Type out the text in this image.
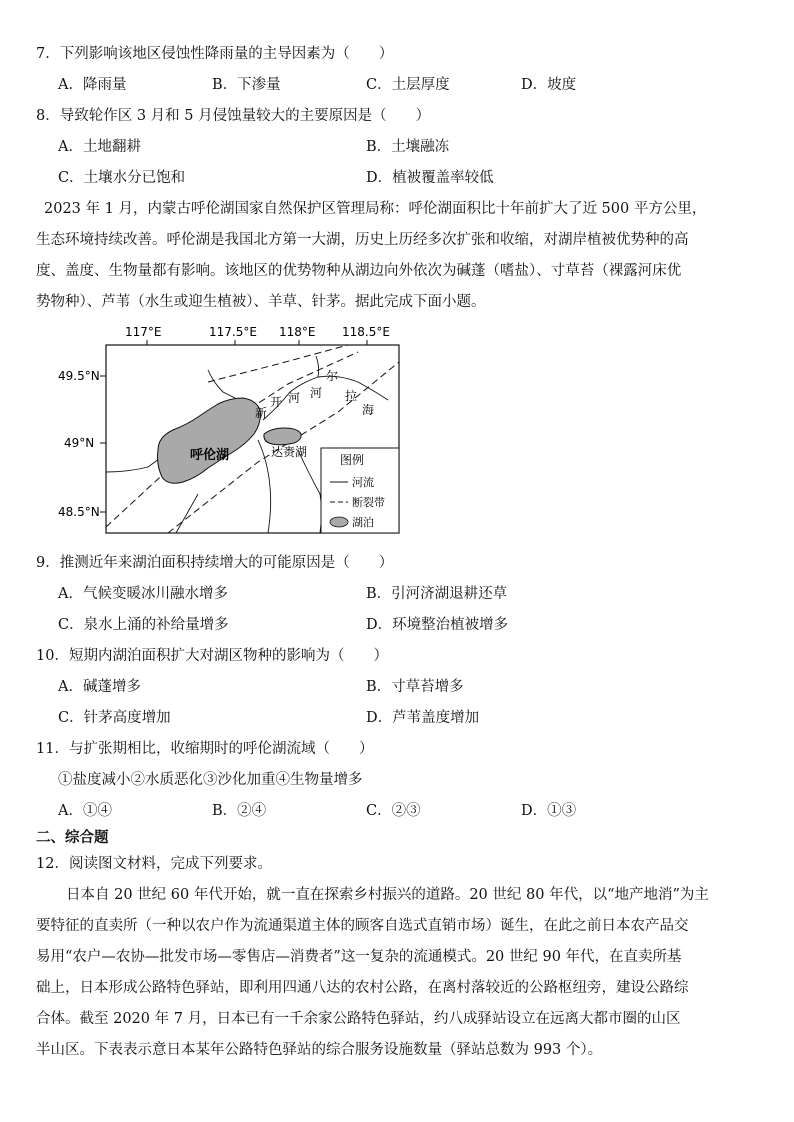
7．下列影响该地区侵蚀性降雨量的主导因素为（　　）
A．降雨量	B．下渗量	C．土层厚度	D．坡度
8．导致轮作区 3 月和 5 月侵蚀量较大的主要原因是（　　）
A．土地翻耕	B．土壤融冻
C．土壤水分已饱和	D．植被覆盖率较低
2023 年 1 月，内蒙古呼伦湖国家自然保护区管理局称：呼伦湖面积比十年前扩大了近 500 平方公里，
生态环境持续改善。呼伦湖是我国北方第一大湖，历史上历经多次扩张和收缩，对湖岸植被优势种的高
度、盖度、生物量都有影响。该地区的优势物种从湖边向外依次为碱蓬（嗜盐）、寸草苔（裸露河床优
势物种）、芦苇（水生或迎生植被）、羊草、针茅。据此完成下面小题。
117°E	117.5°E 118°E 118.5°E
49.5°N
49°N
48.5°N
呼伦湖	达赉湖
新
开 河 河
尔
拉
海
图例
河流
断裂带
湖泊
9．推测近年来湖泊面积持续增大的可能原因是（　　）
A．气候变暖冰川融水增多	B．引河济湖退耕还草
C．泉水上涌的补给量增多	D．环境整治植被增多
10．短期内湖泊面积扩大对湖区物种的影响为（　　）
A．碱蓬增多	B．寸草苔增多
C．针茅高度增加	D．芦苇盖度增加
11．与扩张期相比，收缩期时的呼伦湖流域（　　）
①盐度减小②水质恶化③沙化加重④生物量增多
A．①④	B．②④	C．②③	D．①③
二、综合题
12．阅读图文材料，完成下列要求。
日本自 20 世纪 60 年代开始，就一直在探索乡村振兴的道路。20 世纪 80 年代，以“地产地消”为主
要特征的直卖所（一种以农户作为流通渠道主体的顾客自选式直销市场）诞生，在此之前日本农产品交
易用“农户—农协—批发市场—零售店—消费者”这一复杂的流通模式。20 世纪 90 年代，在直卖所基
础上，日本形成公路特色驿站，即利用四通八达的农村公路，在离村落较近的公路枢纽旁，建设公路综
合体。截至 2020 年 7 月，日本已有一千余家公路特色驿站，约八成驿站设立在远离大都市圈的山区
半山区。下表表示意日本某年公路特色驿站的综合服务设施数量（驿站总数为 993 个）。
